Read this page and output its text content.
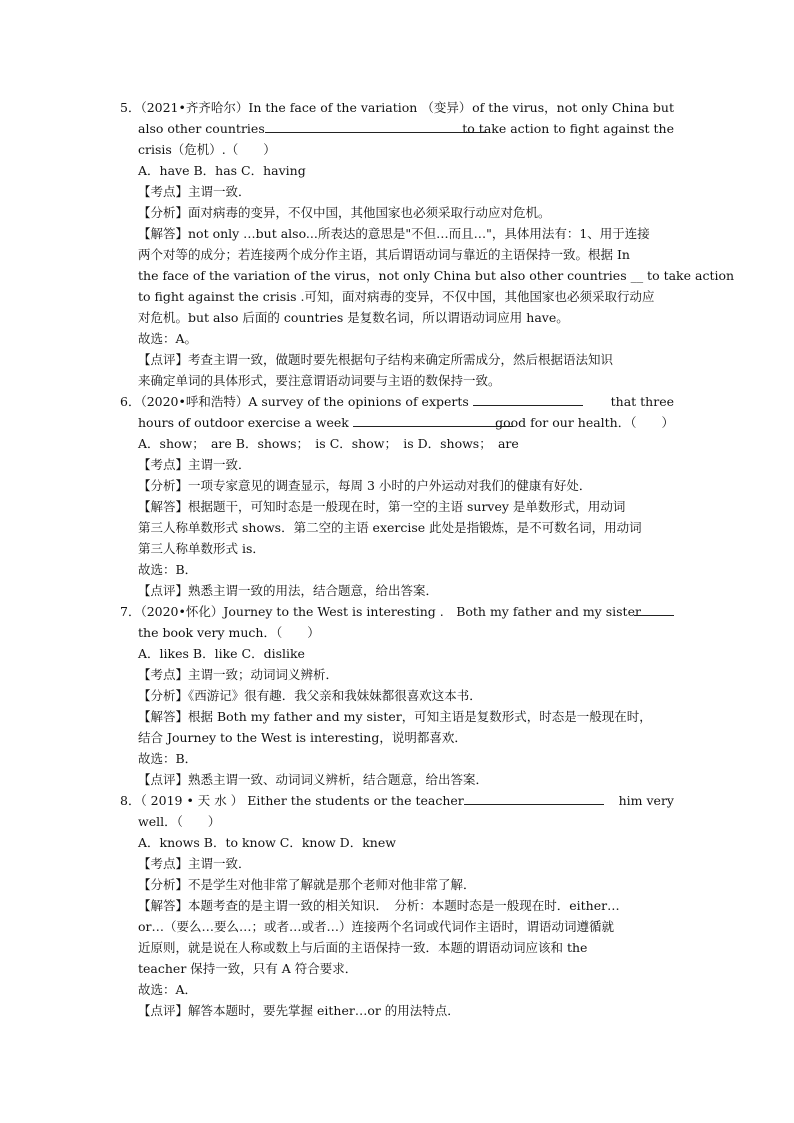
5．（2021•齐齐哈尔）In the face of the variation （变异） of the virus，not only China but
also other countries	to take action to fight against the
crisis（危机）.（　　）
A．have B．has C．having
【考点】主谓一致．
【分析】面对病毒的变异，不仅中国，其他国家也必须采取行动应对危机。
【解答】not only …but also...所表达的意思是"不但…而且…"，具体用法有：1、用于连接
两个对等的成分；若连接两个成分作主语，其后谓语动词与靠近的主语保持一致。根据 In
the face of the variation of the virus，not only China but also other countries __ to take action
to fight against the crisis .可知，面对病毒的变异，不仅中国，其他国家也必须采取行动应
对危机。but also 后面的 countries 是复数名词，所以谓语动词应用 have。
故选：A。
【点评】考查主谓一致，做题时要先根据句子结构来确定所需成分，然后根据语法知识
来确定单词的具体形式，要注意谓语动词要与主语的数保持一致。
6．（2020•呼和浩特）A survey of the opinions of experts	that three
hours of outdoor exercise a week	good for our health．（　　）
A．show；　are B．shows；　is C．show；　is D．shows；　are
【考点】主谓一致．
【分析】一项专家意见的调查显示，每周 3 小时的户外运动对我们的健康有好处．
【解答】根据题干，可知时态是一般现在时，第一空的主语 survey 是单数形式，用动词
第三人称单数形式 shows．第二空的主语 exercise 此处是指锻炼，是不可数名词，用动词
第三人称单数形式 is．
故选：B．
【点评】熟悉主谓一致的用法，结合题意，给出答案．
7．（2020•怀化）Journey to the West is interesting .　Both my father and my sister
the book very much．（　　）
A．likes B．like C．dislike
【考点】主谓一致；动词词义辨析．
【分析】《西游记》很有趣．我父亲和我妹妹都很喜欢这本书．
【解答】根据 Both my father and my sister，可知主语是复数形式，时态是一般现在时，
结合 Journey to the West is interesting，说明都喜欢．
故选：B．
【点评】熟悉主谓一致、动词词义辨析，结合题意，给出答案．
8．（ 2019 • 天 水 ） Either the students or the teacher	him very
well．（　　）
A．knows B．to know C．know D．knew
【考点】主谓一致．
【分析】不是学生对他非常了解就是那个老师对他非常了解．
【解答】本题考查的是主谓一致的相关知识．　分析：本题时态是一般现在时．either…
or…（要么…要么…；或者…或者…）连接两个名词或代词作主语时，谓语动词遵循就
近原则，就是说在人称或数上与后面的主语保持一致．本题的谓语动词应该和 the
teacher 保持一致，只有 A 符合要求．
故选：A．
【点评】解答本题时，要先掌握 either…or 的用法特点．
